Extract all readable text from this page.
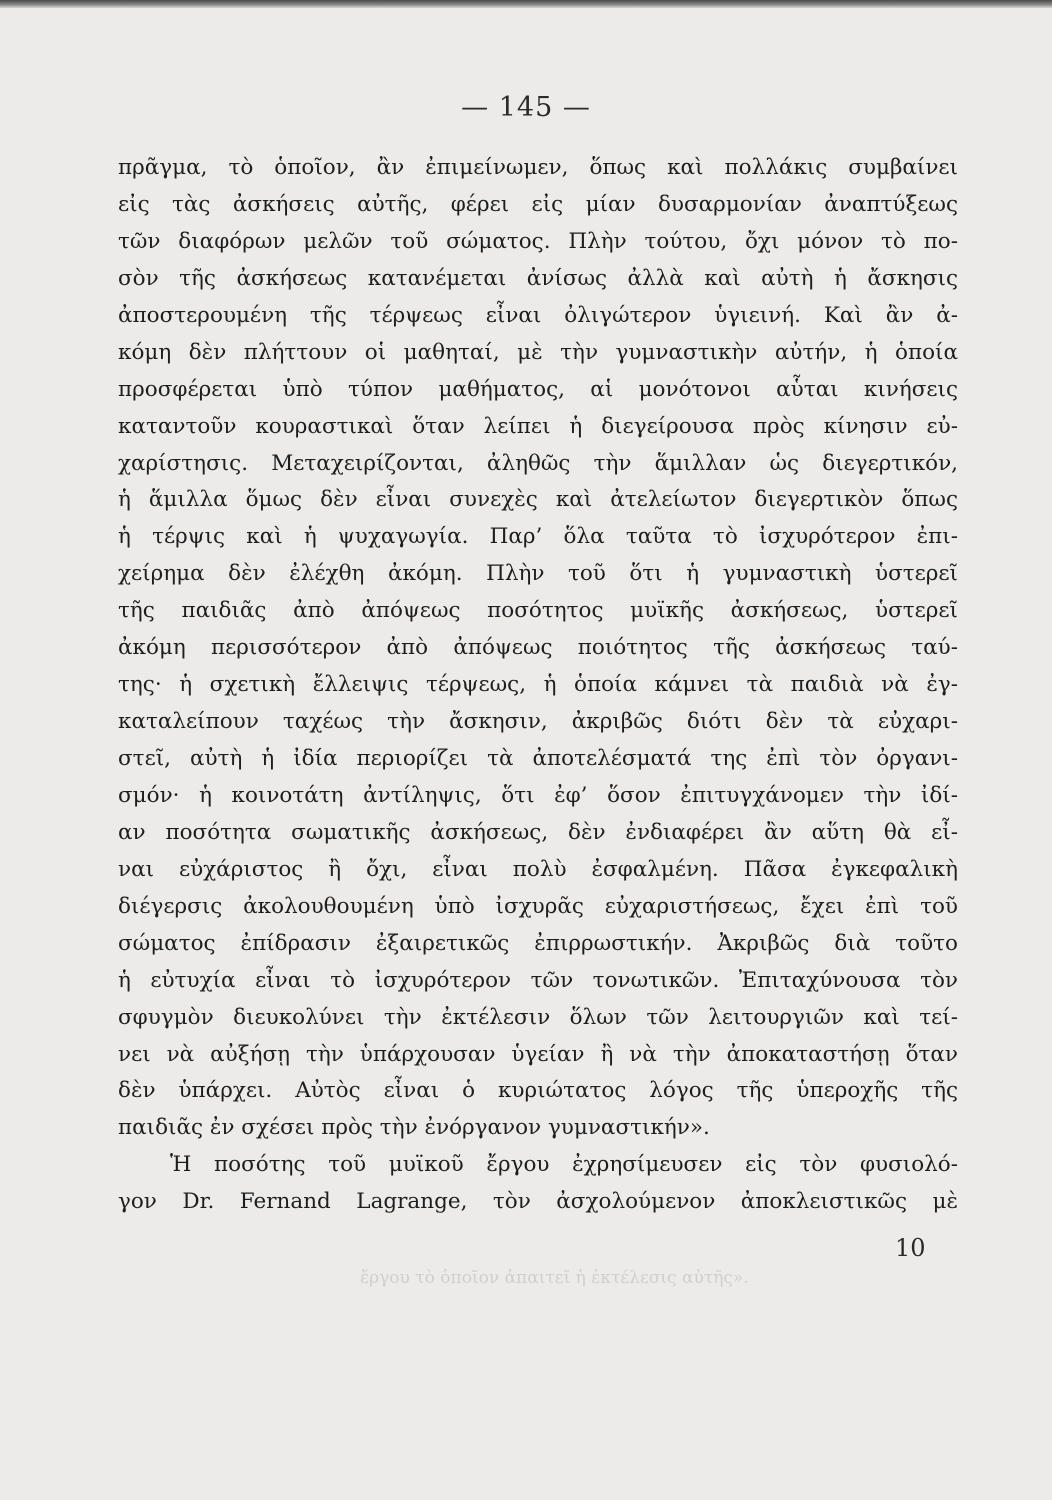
— 145 —
πρᾶγμα, τὸ ὁποῖον, ἂν ἐπιμείνωμεν, ὅπως καὶ πολλάκις συμβαίνει
εἰς τὰς ἀσκήσεις αὐτῆς, φέρει εἰς μίαν δυσαρμονίαν ἀναπτύξεως
τῶν διαφόρων μελῶν τοῦ σώματος. Πλὴν τούτου, ὄχι μόνον τὸ πο-
σὸν τῆς ἀσκήσεως κατανέμεται ἀνίσως ἀλλὰ καὶ αὐτὴ ἡ ἄσκησις
ἀποστερουμένη τῆς τέρψεως εἶναι ὀλιγώτερον ὑγιεινή. Καὶ ἂν ἀ-
κόμη δὲν πλήττουν οἱ μαθηταί, μὲ τὴν γυμναστικὴν αὐτήν, ἡ ὁποία
προσφέρεται ὑπὸ τύπον μαθήματος, αἱ μονότονοι αὗται κινήσεις
καταντοῦν κουραστικαὶ ὅταν λείπει ἡ διεγείρουσα πρὸς κίνησιν εὐ-
χαρίστησις. Μεταχειρίζονται, ἀληθῶς τὴν ἅμιλλαν ὡς διεγερτικόν,
ἡ ἅμιλλα ὅμως δὲν εἶναι συνεχὲς καὶ ἀτελείωτον διεγερτικὸν ὅπως
ἡ τέρψις καὶ ἡ ψυχαγωγία. Παρ’ ὅλα ταῦτα τὸ ἰσχυρότερον ἐπι-
χείρημα δὲν ἐλέχθη ἀκόμη. Πλὴν τοῦ ὅτι ἡ γυμναστικὴ ὑστερεῖ
τῆς παιδιᾶς ἀπὸ ἀπόψεως ποσότητος μυϊκῆς ἀσκήσεως, ὑστερεῖ
ἀκόμη περισσότερον ἀπὸ ἀπόψεως ποιότητος τῆς ἀσκήσεως ταύ-
της· ἡ σχετικὴ ἔλλειψις τέρψεως, ἡ ὁποία κάμνει τὰ παιδιὰ νὰ ἐγ-
καταλείπουν ταχέως τὴν ἄσκησιν, ἀκριβῶς διότι δὲν τὰ εὐχαρι-
στεῖ, αὐτὴ ἡ ἰδία περιορίζει τὰ ἀποτελέσματά της ἐπὶ τὸν ὀργανι-
σμόν· ἡ κοινοτάτη ἀντίληψις, ὅτι ἐφ’ ὅσον ἐπιτυγχάνομεν τὴν ἰδί-
αν ποσότητα σωματικῆς ἀσκήσεως, δὲν ἐνδιαφέρει ἂν αὕτη θὰ εἶ-
ναι εὐχάριστος ἢ ὄχι, εἶναι πολὺ ἐσφαλμένη. Πᾶσα ἐγκεφαλικὴ
διέγερσις ἀκολουθουμένη ὑπὸ ἰσχυρᾶς εὐχαριστήσεως, ἔχει ἐπὶ τοῦ
σώματος ἐπίδρασιν ἐξαιρετικῶς ἐπιρρωστικήν. Ἀκριβῶς διὰ τοῦτο
ἡ εὐτυχία εἶναι τὸ ἰσχυρότερον τῶν τονωτικῶν. Ἐπιταχύνουσα τὸν
σφυγμὸν διευκολύνει τὴν ἐκτέλεσιν ὅλων τῶν λειτουργιῶν καὶ τεί-
νει νὰ αὐξήσῃ τὴν ὑπάρχουσαν ὑγείαν ἢ νὰ τὴν ἀποκαταστήσῃ ὅταν
δὲν ὑπάρχει. Αὐτὸς εἶναι ὁ κυριώτατος λόγος τῆς ὑπεροχῆς τῆς
παιδιᾶς ἐν σχέσει πρὸς τὴν ἐνόργανον γυμναστικήν».
Ἡ ποσότης τοῦ μυϊκοῦ ἔργου ἐχρησίμευσεν εἰς τὸν φυσιολό-
γον Dr. Fernand Lagrange, τὸν ἀσχολούμενον ἀποκλειστικῶς μὲ
10
ἔργου τὸ ὁποῖον ἀπαιτεῖ ἡ ἐκτέλεσις αὐτῆς».
